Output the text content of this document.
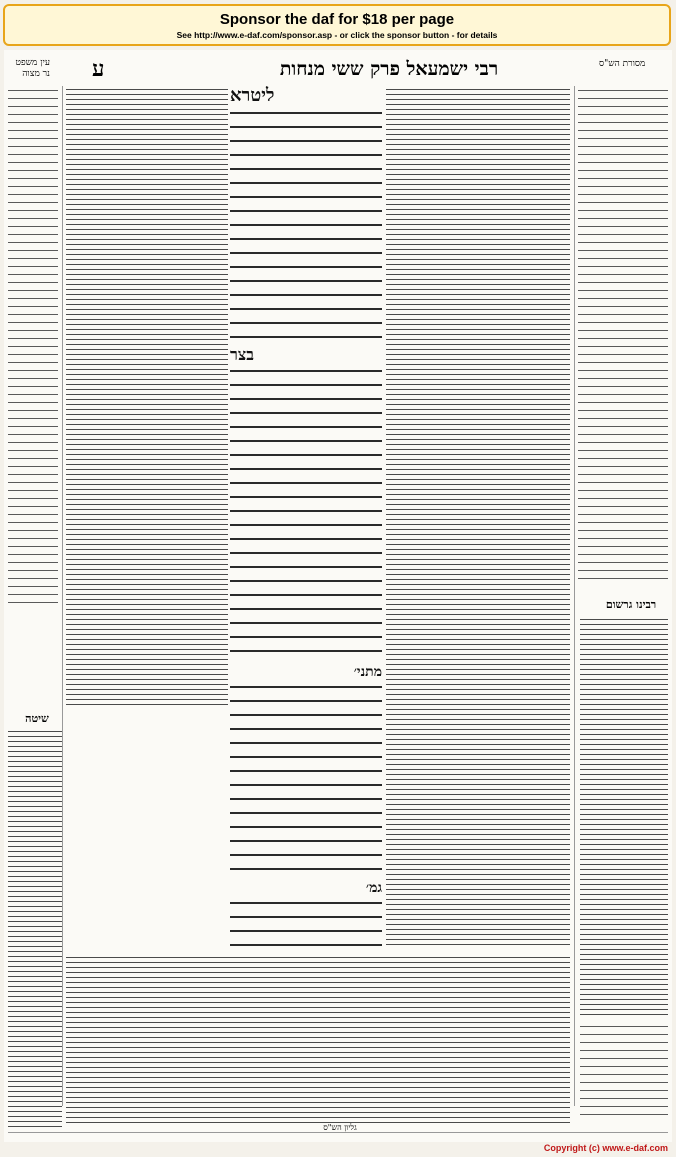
Sponsor the daf for $18 per page
See http://www.e-daf.com/sponsor.asp - or click the sponsor button - for details
עין משפט נר מצוה ע	רבי ישמעאל פרק ששי מנחות	מסורת הש"ס
שיטה
ליטרא
בצר
מתני׳
גמ׳
רבינו גרשום
גליון הש"ס
Copyright (c) www.e-daf.com
